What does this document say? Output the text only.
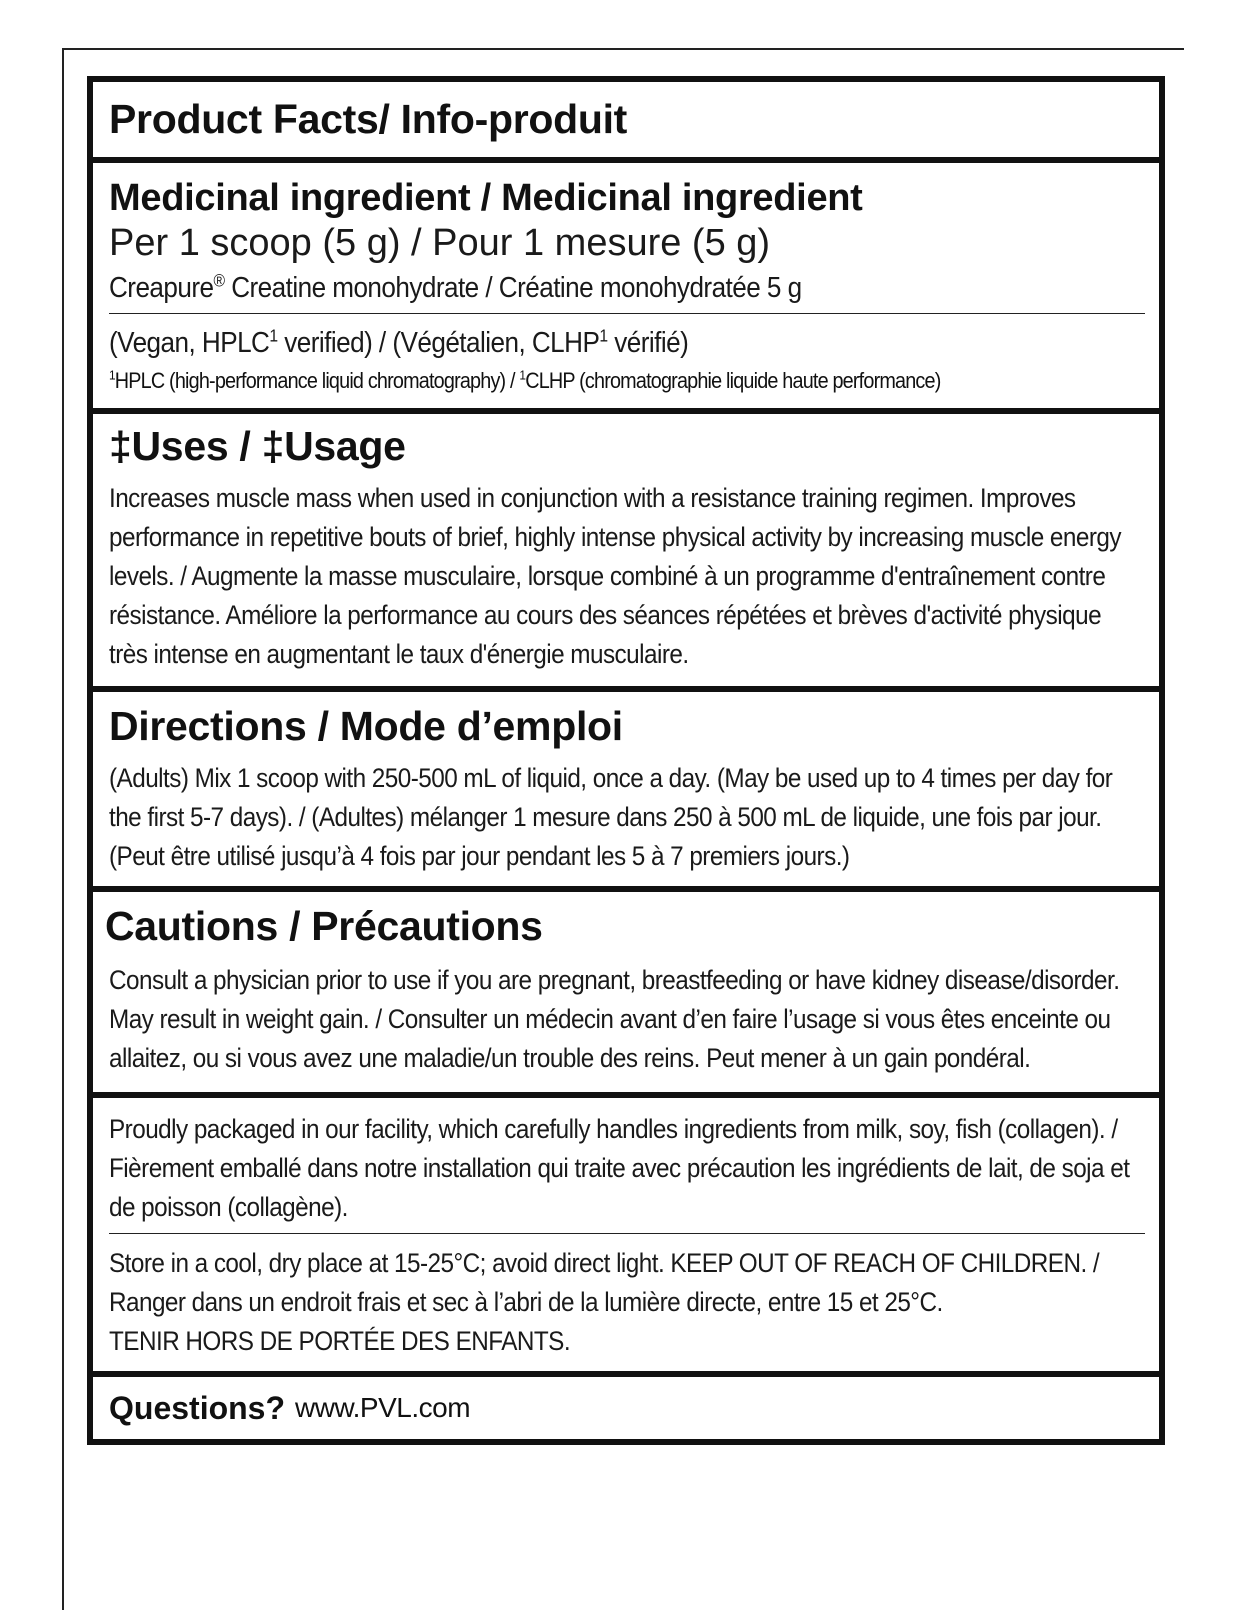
Product Facts/ Info-produit
Medicinal ingredient / Medicinal ingredient
Per 1 scoop (5 g) / Pour 1 mesure (5 g)
Creapure® Creatine monohydrate / Créatine monohydratée 5 g
(Vegan, HPLC$^1$ verified) / (Végétalien, CLHP$^1$ vérifié)
$^1$HPLC (high-performance liquid chromatography) / $^1$CLHP (chromatographie liquide haute performance)
‡Uses / ‡Usage
Increases muscle mass when used in conjunction with a resistance training regimen. Improves performance in repetitive bouts of brief, highly intense physical activity by increasing muscle energy levels. / Augmente la masse musculaire, lorsque combiné à un programme d'entraînement contre résistance. Améliore la performance au cours des séances répétées et brèves d'activité physique très intense en augmentant le taux d'énergie musculaire.
Directions / Mode d’emploi
(Adults) Mix 1 scoop with 250-500 mL of liquid, once a day. (May be used up to 4 times per day for the first 5-7 days). / (Adultes) mélanger 1 mesure dans 250 à 500 mL de liquide, une fois par jour. (Peut être utilisé jusqu’à 4 fois par jour pendant les 5 à 7 premiers jours.)
Cautions / Précautions
Consult a physician prior to use if you are pregnant, breastfeeding or have kidney disease/disorder. May result in weight gain. / Consulter un médecin avant d’en faire l’usage si vous êtes enceinte ou allaitez, ou si vous avez une maladie/un trouble des reins. Peut mener à un gain pondéral.
Proudly packaged in our facility, which carefully handles ingredients from milk, soy, fish (collagen). / Fièrement emballé dans notre installation qui traite avec précaution les ingrédients de lait, de soja et de poisson (collagène).
Store in a cool, dry place at 15-25°C; avoid direct light. KEEP OUT OF REACH OF CHILDREN. /
Ranger dans un endroit frais et sec à l’abri de la lumière directe, entre 15 et 25°C.
TENIR HORS DE PORTÉE DES ENFANTS.
Questions? www.PVL.com
